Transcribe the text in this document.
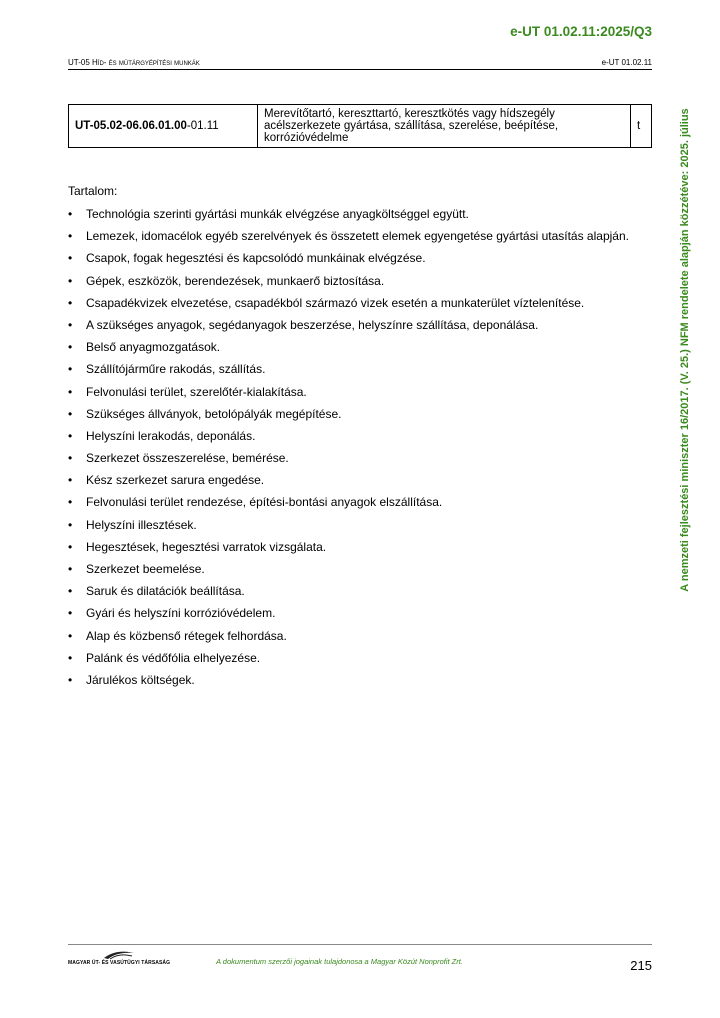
e-UT 01.02.11:2025/Q3
UT-05 Híd- és műtárgyépítési munkák	e-UT 01.02.11
UT-05.02-06.06.01.00-01.11	Merevítőtartó, kereszttartó, keresztkötés vagy hídszegély acélszerkezete gyártása, szállítása, szerelése, beépítése, korrózióvédelme	t

Tartalom:

• Technológia szerinti gyártási munkák elvégzése anyagköltséggel együtt.
• Lemezek, idomacélok egyéb szerelvények és összetett elemek egyengetése gyártási utasítás alapján.
• Csapok, fogak hegesztési és kapcsolódó munkáinak elvégzése.
• Gépek, eszközök, berendezések, munkaerő biztosítása.
• Csapadékvizek elvezetése, csapadékból származó vizek esetén a munkaterület víztelenítése.
• A szükséges anyagok, segédanyagok beszerzése, helyszínre szállítása, deponálása.
• Belső anyagmozgatások.
• Szállítójárműre rakodás, szállítás.
• Felvonulási terület, szerelőtér-kialakítása.
• Szükséges állványok, betolópályák megépítése.
• Helyszíni lerakodás, deponálás.
• Szerkezet összeszerelése, bemérése.
• Kész szerkezet sarura engedése.
• Felvonulási terület rendezése, építési-bontási anyagok elszállítása.
• Helyszíni illesztések.
• Hegesztések, hegesztési varratok vizsgálata.
• Szerkezet beemelése.
• Saruk és dilatációk beállítása.
• Gyári és helyszíni korrózióvédelem.
• Alap és közbenső rétegek felhordása.
• Palánk és védőfólia elhelyezése.
• Járulékos költségek.
A nemzeti fejlesztési miniszter 16/2017. (V. 25.) NFM rendelete alapján közzétéve: 2025. július
MAGYAR ÚT- ÉS VASÚTÜGYI TÁRSASÁG	A dokumentum szerzői jogainak tulajdonosa a Magyar Közút Nonprofit Zrt.	215
